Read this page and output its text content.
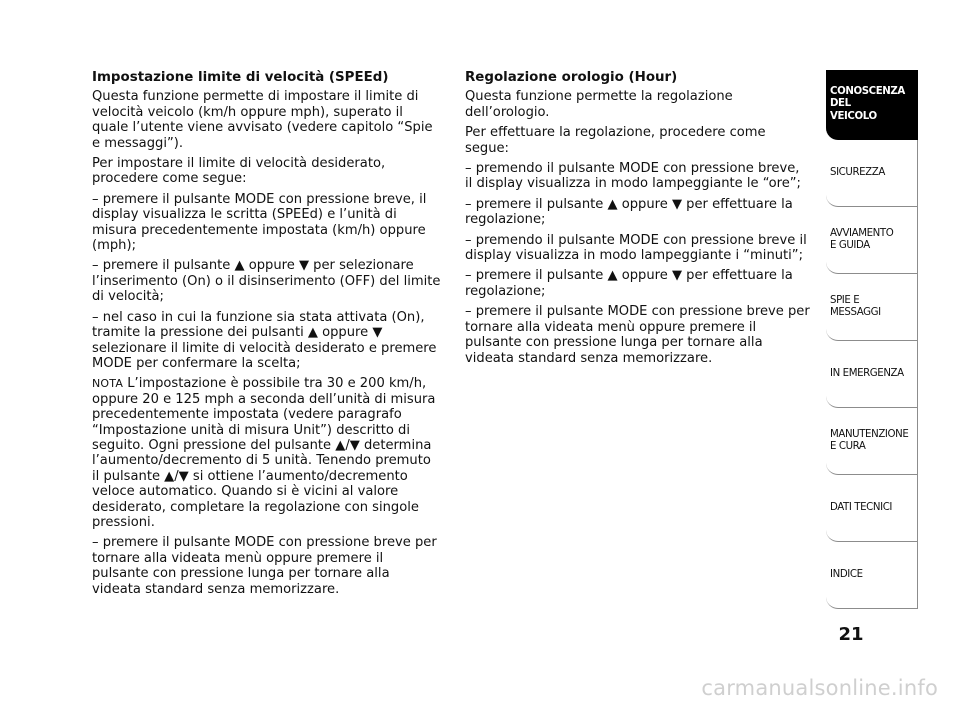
Impostazione limite di velocità (SPEEd)

Questa funzione permette di impostare il limite di velocità veicolo (km/h oppure mph), superato il quale l’utente viene avvisato (vedere capitolo “Spie e messaggi”).

Per impostare il limite di velocità desiderato, procedere come segue:

– premere il pulsante MODE con pressione breve, il display visualizza le scritta (SPEEd) e l’unità di misura precedentemente impostata (km/h) oppure (mph);

– premere il pulsante ▲ oppure ▼ per selezionare l’inserimento (On) o il disinserimento (OFF) del limite di velocità;

– nel caso in cui la funzione sia stata attivata (On), tramite la pressione dei pulsanti ▲ oppure ▼ selezionare il limite di velocità desiderato e premere MODE per confermare la scelta;

NOTA L’impostazione è possibile tra 30 e 200 km/h, oppure 20 e 125 mph a seconda dell’unità di misura precedentemente impostata (vedere paragrafo “Impostazione unità di misura Unit”) descritto di seguito. Ogni pressione del pulsante ▲/▼ determina l’aumento/decremento di 5 unità. Tenendo premuto il pulsante ▲/▼ si ottiene l’aumento/decremento veloce automatico. Quando si è vicini al valore desiderato, completare la regolazione con singole pressioni.

– premere il pulsante MODE con pressione breve per tornare alla videata menù oppure premere il pulsante con pressione lunga per tornare alla videata standard senza memorizzare.

Regolazione orologio (Hour)

Questa funzione permette la regolazione dell’orologio.

Per effettuare la regolazione, procedere come segue:

– premendo il pulsante MODE con pressione breve, il display visualizza in modo lampeggiante le “ore”;

– premere il pulsante ▲ oppure ▼ per effettuare la regolazione;

– premendo il pulsante MODE con pressione breve il display visualizza in modo lampeggiante i “minuti”;

– premere il pulsante ▲ oppure ▼ per effettuare la regolazione;

– premere il pulsante MODE con pressione breve per tornare alla videata menù oppure premere il pulsante con pressione lunga per tornare alla videata standard senza memorizzare.

CONOSCENZA
DEL
VEICOLO
SICUREZZA
AVVIAMENTO
E GUIDA
SPIE E
MESSAGGI
IN EMERGENZA
MANUTENZIONE
E CURA
DATI TECNICI
INDICE
21
carmanualsonline.info
